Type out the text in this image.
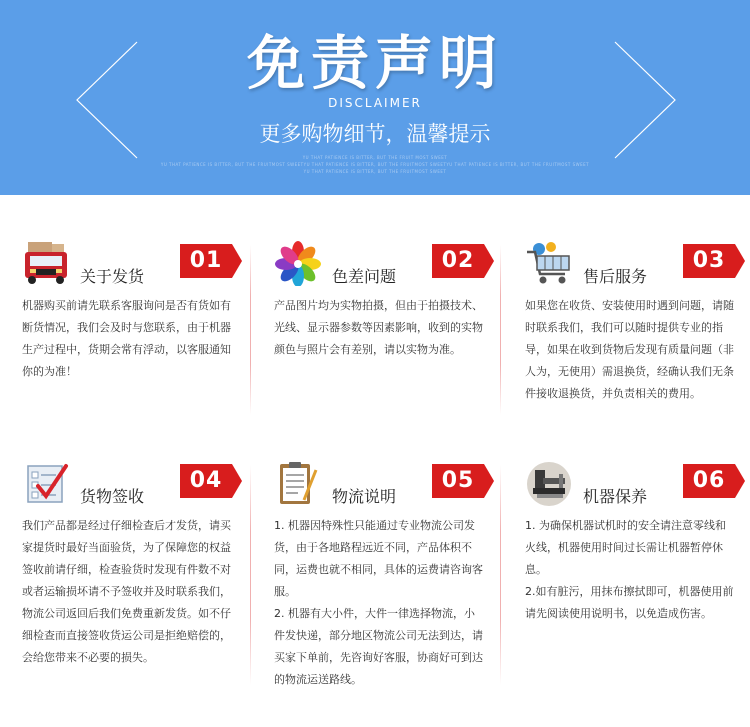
免责声明
DISCLAIMER
更多购物细节，温馨提示
YU THAT PATIENCE IS BITTER, BUT THE FRUIT MOST SWEET
YU THAT PATIENCE IS BITTER, BUT THE FRUITMOST SWEETYU THAT PATIENCE IS BITTER, BUT THE FRUITMOST SWEETYU THAT PATIENCE IS BITTER, BUT THE FRUITMOST SWEET
YU THAT PATIENCE IS BITTER, BUT THE FRUITMOST SWEET
关于发货
01

机器购买前请先联系客服询问是否有货如有断货情况，我们会及时与您联系，由于机器生产过程中，货期会常有浮动，以客服通知你的为准！

色差问题
02

产品图片均为实物拍摄，但由于拍摄技术、光线、显示器参数等因素影响，收到的实物颜色与照片会有差别，请以实物为准。

售后服务
03

如果您在收货、安装使用时遇到问题，请随时联系我们，我们可以随时提供专业的指导，如果在收到货物后发现有质量问题（非人为，无使用）需退换货，经确认我们无条件接收退换货，并负责相关的费用。

货物签收
04

我们产品都是经过仔细检查后才发货，请买家提货时最好当面验货，为了保障您的权益签收前请仔细，检查验货时发现有件数不对或者运输损坏请不予签收并及时联系我们，物流公司返回后我们免费重新发货。如不仔细检查而直接签收货运公司是拒绝赔偿的，会给您带来不必要的损失。

物流说明
05

1. 机器因特殊性只能通过专业物流公司发货，由于各地路程远近不同，产品体积不同，运费也就不相同，具体的运费请咨询客服。

2. 机器有大小件，大件一律选择物流，小件发快递，部分地区物流公司无法到达，请买家下单前，先咨询好客服，协商好可到达的物流运送路线。

机器保养
06

1. 为确保机器试机时的安全请注意零线和火线，机器使用时间过长需让机器暂停休息。

2.如有脏污，用抹布擦拭即可，机器使用前请先阅读使用说明书，以免造成伤害。
